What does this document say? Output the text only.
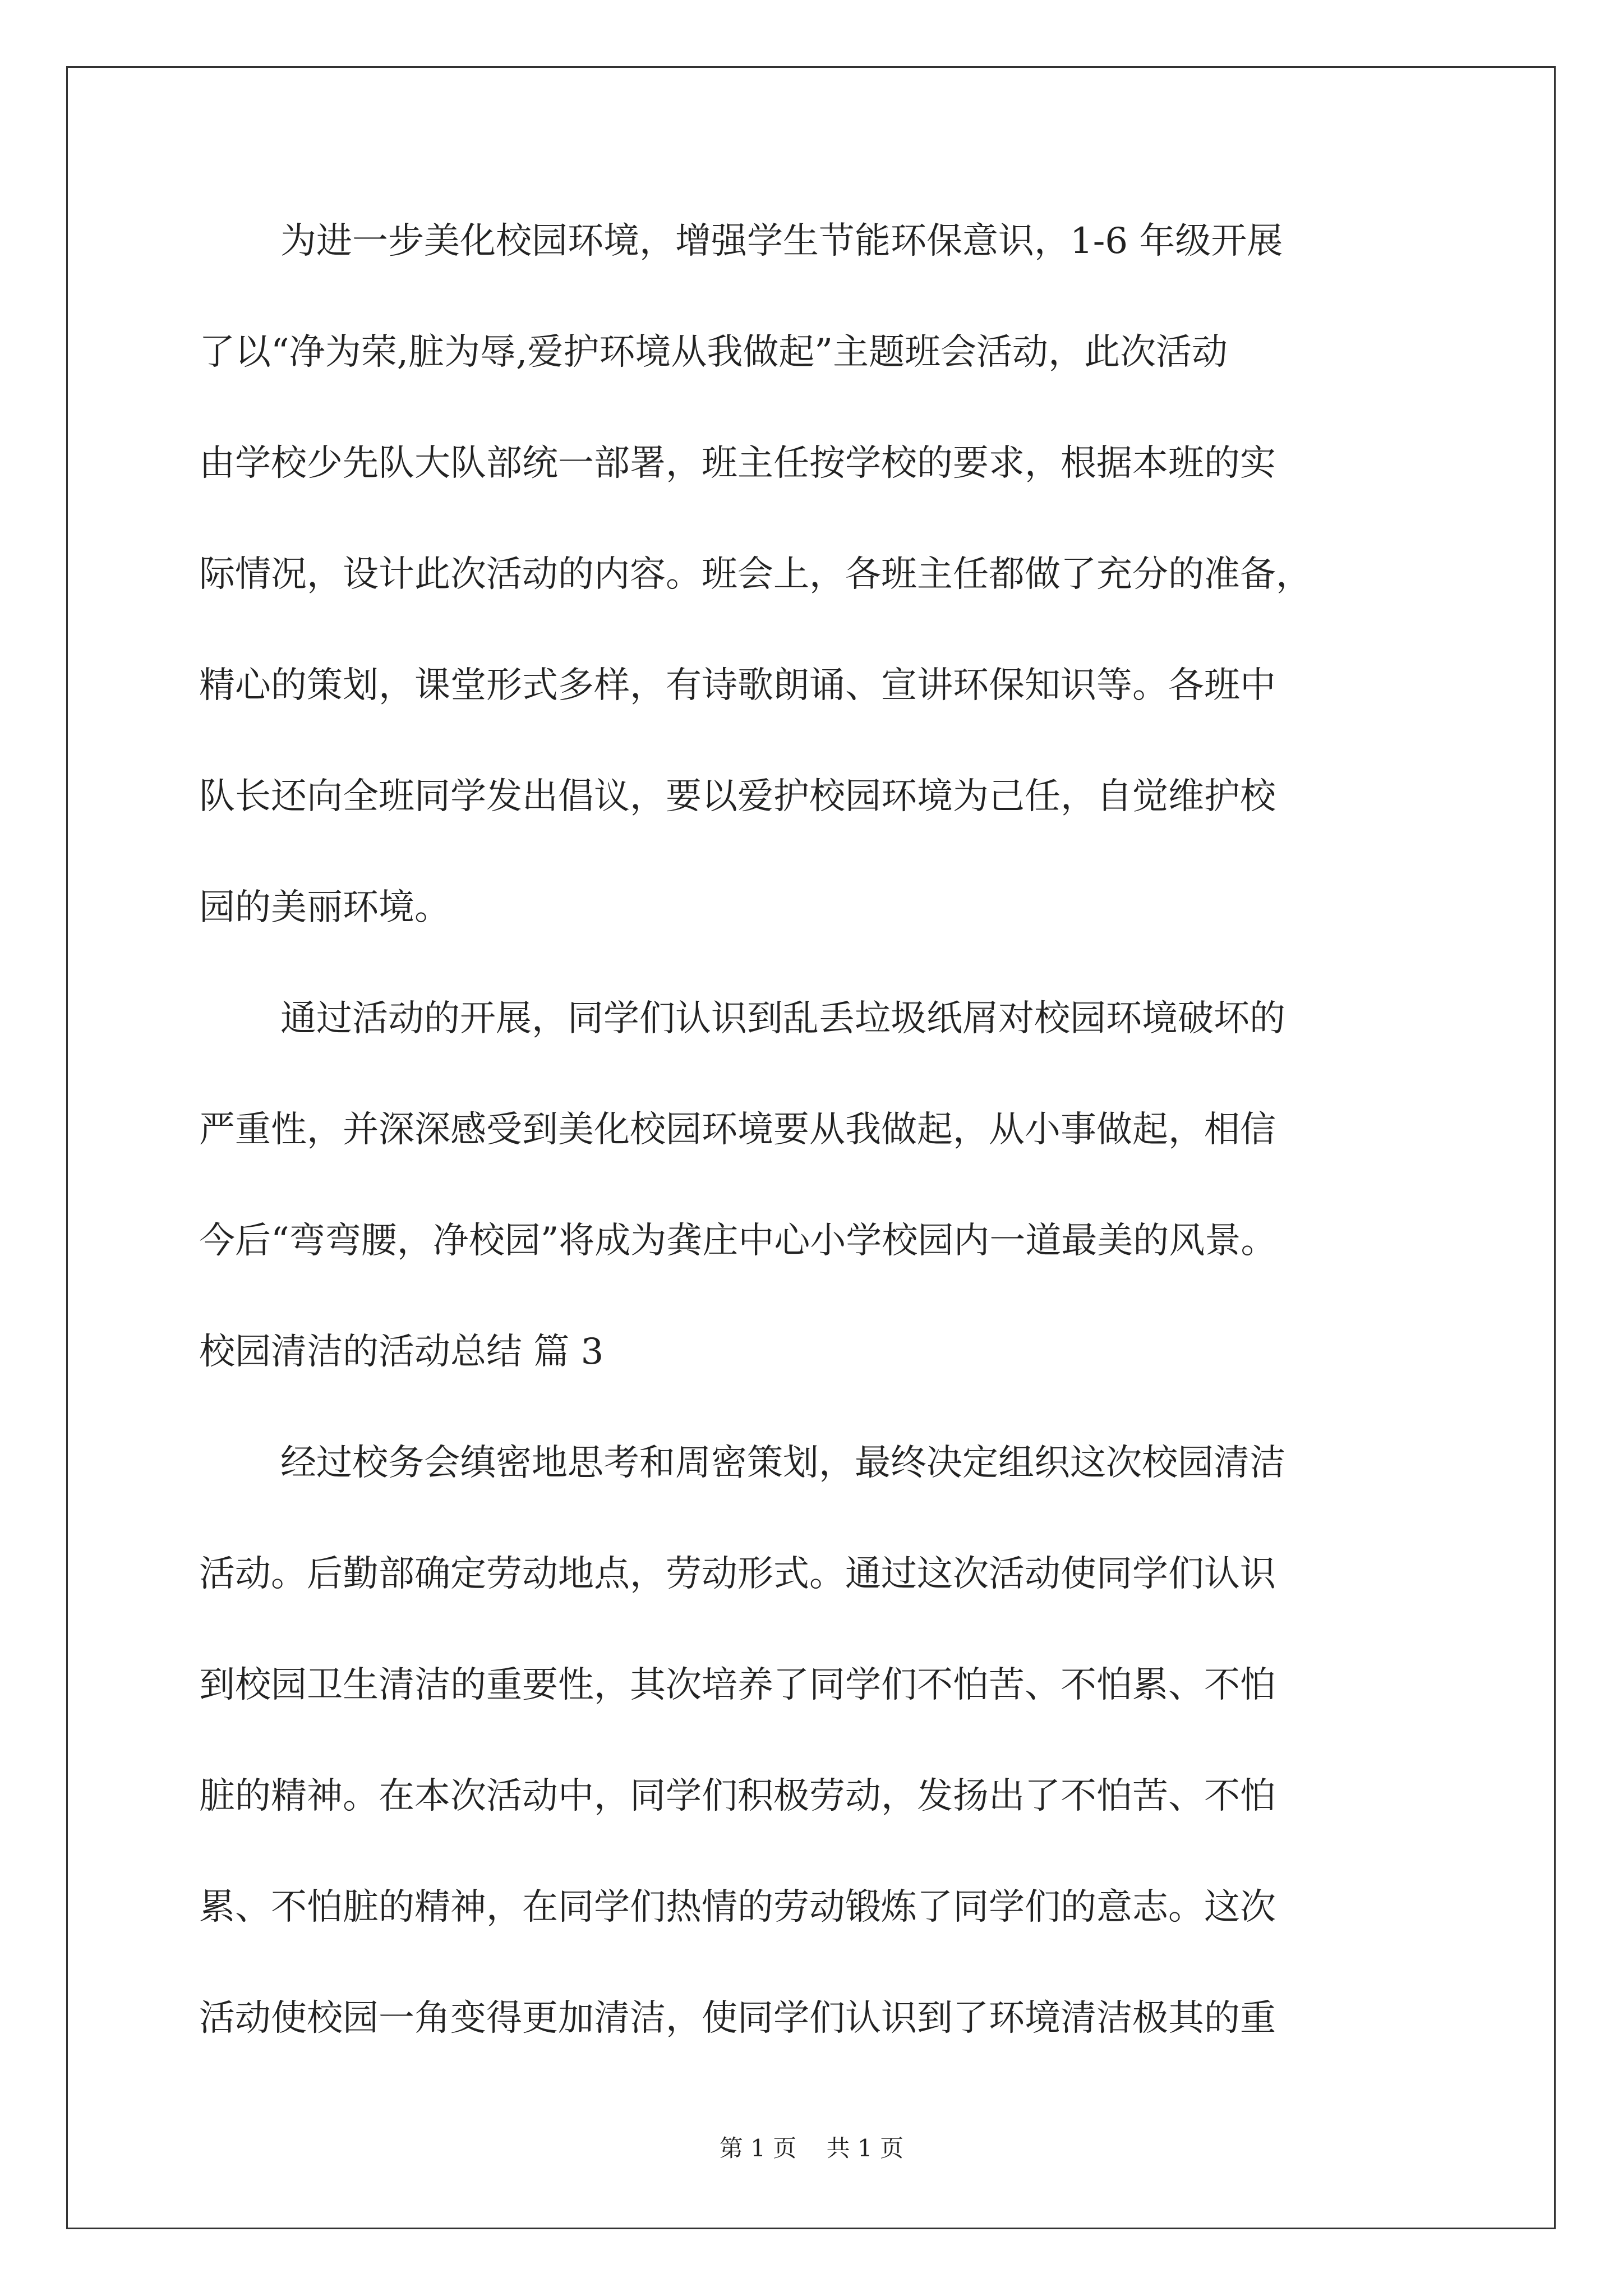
为进一步美化校园环境，增强学生节能环保意识，1-6 年级开展
了以“净为荣,脏为辱,爱护环境从我做起”主题班会活动，此次活动
由学校少先队大队部统一部署，班主任按学校的要求，根据本班的实
际情况，设计此次活动的内容。班会上，各班主任都做了充分的准备，
精心的策划，课堂形式多样，有诗歌朗诵、宣讲环保知识等。各班中
队长还向全班同学发出倡议，要以爱护校园环境为己任，自觉维护校
园的美丽环境。
通过活动的开展，同学们认识到乱丢垃圾纸屑对校园环境破坏的
严重性，并深深感受到美化校园环境要从我做起，从小事做起，相信
今后“弯弯腰，净校园”将成为龚庄中心小学校园内一道最美的风景。
校园清洁的活动总结 篇 3
经过校务会缜密地思考和周密策划，最终决定组织这次校园清洁
活动。后勤部确定劳动地点，劳动形式。通过这次活动使同学们认识
到校园卫生清洁的重要性，其次培养了同学们不怕苦、不怕累、不怕
脏的精神。在本次活动中，同学们积极劳动，发扬出了不怕苦、不怕
累、不怕脏的精神，在同学们热情的劳动锻炼了同学们的意志。这次
活动使校园一角变得更加清洁，使同学们认识到了环境清洁极其的重
第 1 页 共 1 页
